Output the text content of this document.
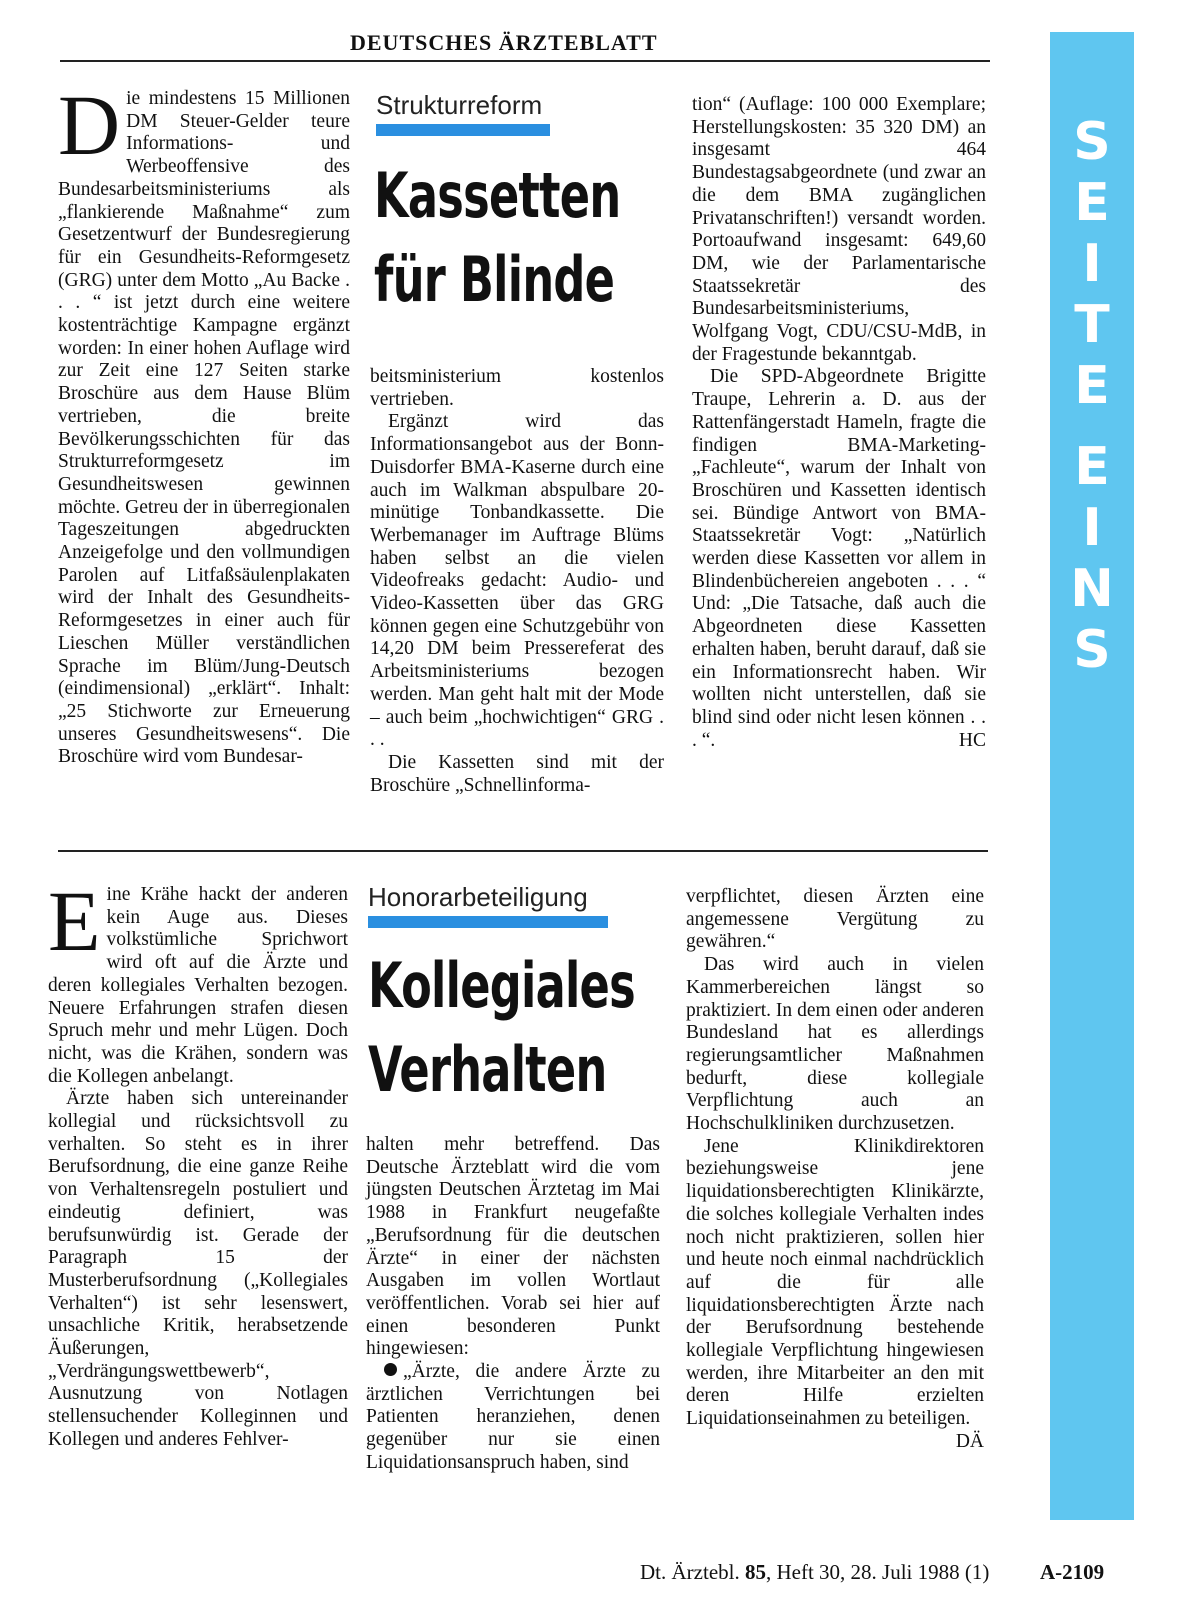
DEUTSCHES ÄRZTEBLATT
S
E
I
T
E
E
I
N
S

Die mindestens 15 Millionen DM Steuer-Gelder teure Informations- und Werbeoffensive des Bundesarbeitsministeriums als „flankierende Maßnahme“ zum Gesetzentwurf der Bundesregierung für ein Gesundheits-Reformgesetz (GRG) unter dem Motto „Au Backe . . . “ ist jetzt durch eine weitere kostenträchtige Kampagne ergänzt worden: In einer hohen Auflage wird zur Zeit eine 127 Seiten starke Broschüre aus dem Hause Blüm vertrieben, die breite Bevölkerungsschichten für das Strukturreformgesetz im Gesundheitswesen gewinnen möchte. Getreu der in überregionalen Tageszeitungen abgedruckten Anzeigefolge und den vollmundigen Parolen auf Litfaßsäulenplakaten wird der Inhalt des Gesundheits-Reformgesetzes in einer auch für Lieschen Müller verständlichen Sprache im Blüm/Jung-Deutsch (eindimensional) „erklärt“. Inhalt: „25 Stichworte zur Erneuerung unseres Gesundheitswesens“. Die Broschüre wird vom Bundesar-

Strukturreform
Kassetten
für Blinde

beitsministerium kostenlos vertrieben.

Ergänzt wird das Informationsangebot aus der Bonn-Duisdorfer BMA-Kaserne durch eine auch im Walkman abspulbare 20-minütige Tonbandkassette. Die Werbemanager im Auftrage Blüms haben selbst an die vielen Videofreaks gedacht: Audio- und Video-Kassetten über das GRG können gegen eine Schutzgebühr von 14,20 DM beim Pressereferat des Arbeitsministeriums bezogen werden. Man geht halt mit der Mode – auch beim „hochwichtigen“ GRG . . .

Die Kassetten sind mit der Broschüre „Schnellinforma-

tion“ (Auflage: 100 000 Exemplare; Herstellungskosten: 35 320 DM) an insgesamt 464 Bundestagsabgeordnete (und zwar an die dem BMA zugänglichen Privatanschriften!) versandt worden. Portoaufwand insgesamt: 649,60 DM, wie der Parlamentarische Staatssekretär des Bundesarbeitsministeriums, Wolfgang Vogt, CDU/CSU-MdB, in der Fragestunde bekanntgab.

Die SPD-Abgeordnete Brigitte Traupe, Lehrerin a. D. aus der Rattenfängerstadt Hameln, fragte die findigen BMA-Marketing-„Fachleute“, warum der Inhalt von Broschüren und Kassetten identisch sei. Bündige Antwort von BMA-Staatssekretär Vogt: „Natürlich werden diese Kassetten vor allem in Blindenbüchereien angeboten . . . “ Und: „Die Tatsache, daß auch die Abgeordneten diese Kassetten erhalten haben, beruht darauf, daß sie ein Informationsrecht haben. Wir wollten nicht unterstellen, daß sie blind sind oder nicht lesen können . . . “.	HC

Eine Krähe hackt der anderen kein Auge aus. Dieses volkstümliche Sprichwort wird oft auf die Ärzte und deren kollegiales Verhalten bezogen. Neuere Erfahrungen strafen diesen Spruch mehr und mehr Lügen. Doch nicht, was die Krähen, sondern was die Kollegen anbelangt.

Ärzte haben sich untereinander kollegial und rücksichtsvoll zu verhalten. So steht es in ihrer Berufsordnung, die eine ganze Reihe von Verhaltensregeln postuliert und eindeutig definiert, was berufsunwürdig ist. Gerade der Paragraph 15 der Musterberufsordnung („Kollegiales Verhalten“) ist sehr lesenswert, unsachliche Kritik, herabsetzende Äußerungen, „Verdrängungswettbewerb“, Ausnutzung von Notlagen stellensuchender Kolleginnen und Kollegen und anderes Fehlver-

Honorarbeteiligung
Kollegiales
Verhalten

halten mehr betreffend. Das Deutsche Ärzteblatt wird die vom jüngsten Deutschen Ärztetag im Mai 1988 in Frankfurt neugefaßte „Berufsordnung für die deutschen Ärzte“ in einer der nächsten Ausgaben im vollen Wortlaut veröffentlichen. Vorab sei hier auf einen besonderen Punkt hingewiesen:

„Ärzte, die andere Ärzte zu ärztlichen Verrichtungen bei Patienten heranziehen, denen gegenüber nur sie einen Liquidationsanspruch haben, sind

verpflichtet, diesen Ärzten eine angemessene Vergütung zu gewähren.“

Das wird auch in vielen Kammerbereichen längst so praktiziert. In dem einen oder anderen Bundesland hat es allerdings regierungsamtlicher Maßnahmen bedurft, diese kollegiale Verpflichtung auch an Hochschulkliniken durchzusetzen.

Jene Klinikdirektoren beziehungsweise jene liquidationsberechtigten Klinikärzte, die solches kollegiale Verhalten indes noch nicht praktizieren, sollen hier und heute noch einmal nachdrücklich auf die für alle liquidationsberechtigten Ärzte nach der Berufsordnung bestehende kollegiale Verpflichtung hingewiesen werden, ihre Mitarbeiter an den mit deren Hilfe erzielten Liquidationseinahmen zu beteiligen.
DÄ

Dt. Ärztebl. 85, Heft 30, 28. Juli 1988 (1) A-2109
